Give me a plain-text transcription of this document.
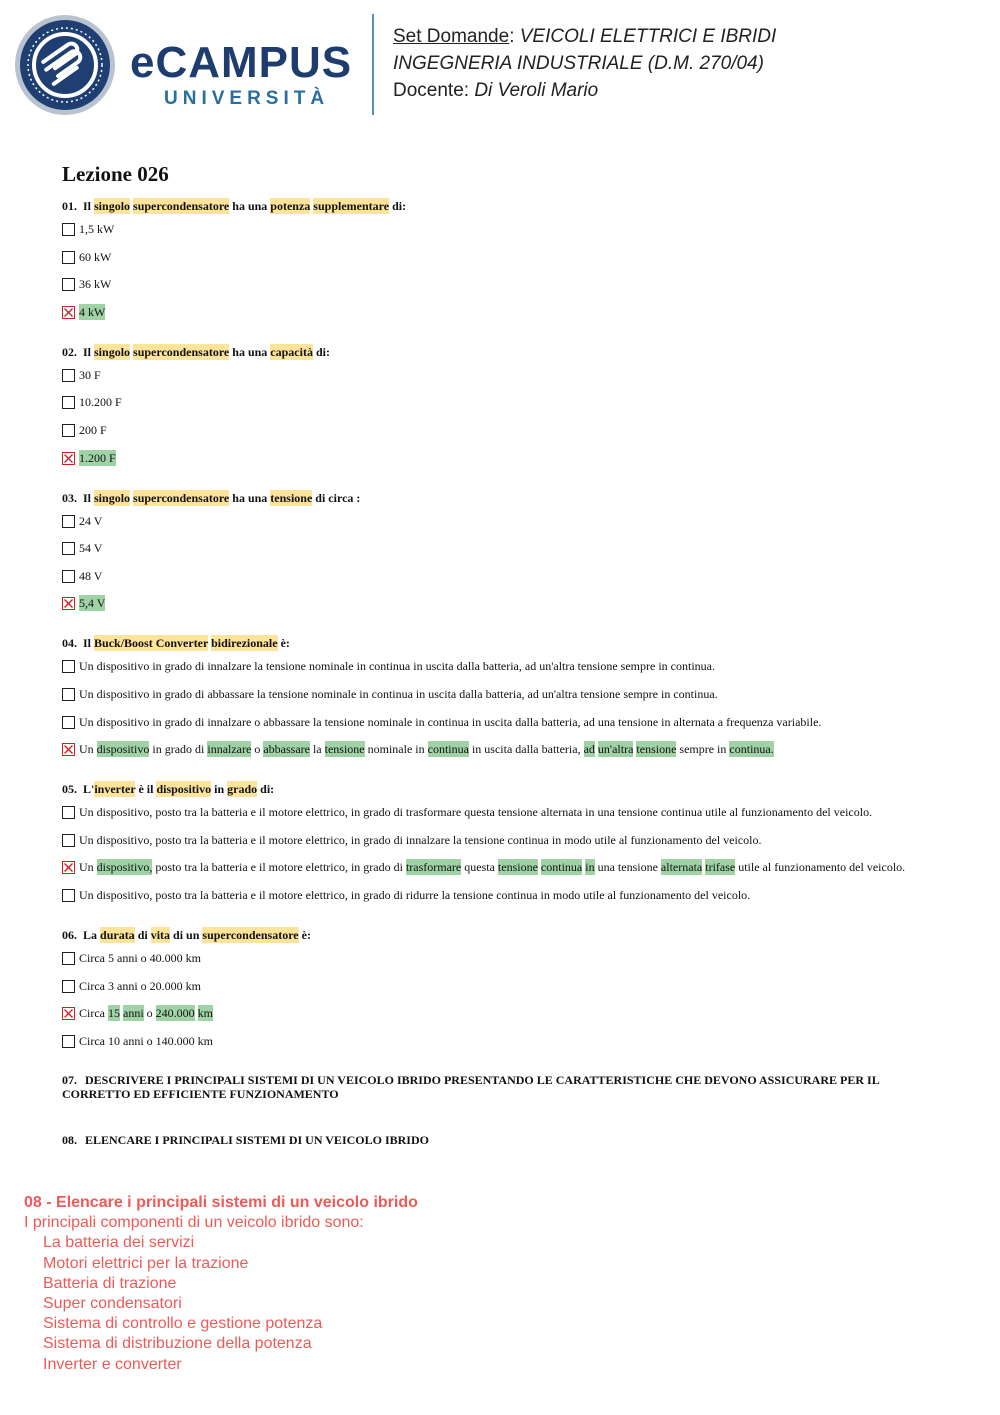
eCAMPUS
UNIVERSITÀ
Set Domande: VEICOLI ELETTRICI E IBRIDI
INGEGNERIA INDUSTRIALE (D.M. 270/04)
Docente: Di Veroli Mario
Lezione 026
01. Il singolo supercondensatore ha una potenza supplementare di:
1,5 kW
60 kW
36 kW
4 kW
02. Il singolo supercondensatore ha una capacità di:
30 F
10.200 F
200 F
1.200 F
03. Il singolo supercondensatore ha una tensione di circa :
24 V
54 V
48 V
5,4 V
04. Il Buck/Boost Converter bidirezionale è:
Un dispositivo in grado di innalzare la tensione nominale in continua in uscita dalla batteria, ad un'altra tensione sempre in continua.
Un dispositivo in grado di abbassare la tensione nominale in continua in uscita dalla batteria, ad un'altra tensione sempre in continua.
Un dispositivo in grado di innalzare o abbassare la tensione nominale in continua in uscita dalla batteria, ad una tensione in alternata a frequenza variabile.
Un dispositivo in grado di innalzare o abbassare la tensione nominale in continua in uscita dalla batteria, ad un'altra tensione sempre in continua.
05. L'inverter è il dispositivo in grado di:
Un dispositivo, posto tra la batteria e il motore elettrico, in grado di trasformare questa tensione alternata in una tensione continua utile al funzionamento del veicolo.
Un dispositivo, posto tra la batteria e il motore elettrico, in grado di innalzare la tensione continua in modo utile al funzionamento del veicolo.
Un dispositivo, posto tra la batteria e il motore elettrico, in grado di trasformare questa tensione continua in una tensione alternata trifase utile al funzionamento del veicolo.
Un dispositivo, posto tra la batteria e il motore elettrico, in grado di ridurre la tensione continua in modo utile al funzionamento del veicolo.
06. La durata di vita di un supercondensatore è:
Circa 5 anni o 40.000 km
Circa 3 anni o 20.000 km
Circa 15 anni o 240.000 km
Circa 10 anni o 140.000 km
07. DESCRIVERE I PRINCIPALI SISTEMI DI UN VEICOLO IBRIDO PRESENTANDO LE CARATTERISTICHE CHE DEVONO ASSICURARE PER IL CORRETTO ED EFFICIENTE FUNZIONAMENTO
08. ELENCARE I PRINCIPALI SISTEMI DI UN VEICOLO IBRIDO
08 - Elencare i principali sistemi di un veicolo ibrido
I principali componenti di un veicolo ibrido sono:
La batteria dei servizi
Motori elettrici per la trazione
Batteria di trazione
Super condensatori
Sistema di controllo e gestione potenza
Sistema di distribuzione della potenza
Inverter e converter
